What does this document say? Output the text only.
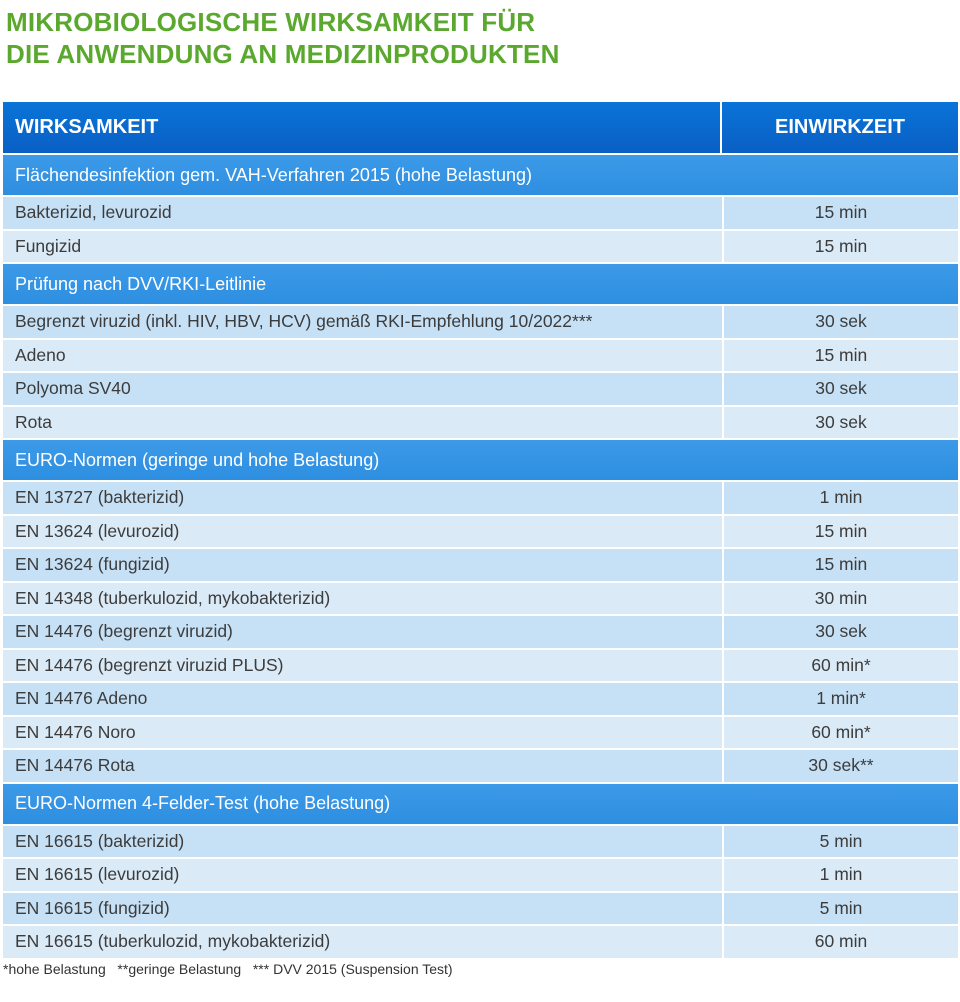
MIKROBIOLOGISCHE WIRKSAMKEIT FÜR
DIE ANWENDUNG AN MEDIZINPRODUKTEN
WIRKSAMKEIT	EINWIRKZEIT
Flächendesinfektion gem. VAH-Verfahren 2015 (hohe Belastung)
Bakterizid, levurozid	15 min
Fungizid	15 min
Prüfung nach DVV/RKI-Leitlinie
Begrenzt viruzid (inkl. HIV, HBV, HCV) gemäß RKI-Empfehlung 10/2022***	30 sek
Adeno	15 min
Polyoma SV40	30 sek
Rota	30 sek
EURO-Normen (geringe und hohe Belastung)
EN 13727 (bakterizid)	1 min
EN 13624 (levurozid)	15 min
EN 13624 (fungizid)	15 min
EN 14348 (tuberkulozid, mykobakterizid)	30 min
EN 14476 (begrenzt viruzid)	30 sek
EN 14476 (begrenzt viruzid PLUS)	60 min*
EN 14476 Adeno	1 min*
EN 14476 Noro	60 min*
EN 14476 Rota	30 sek**
EURO-Normen 4-Felder-Test (hohe Belastung)
EN 16615 (bakterizid)	5 min
EN 16615 (levurozid)	1 min
EN 16615 (fungizid)	5 min
EN 16615 (tuberkulozid, mykobakterizid)	60 min
*hohe Belastung   **geringe Belastung   *** DVV 2015 (Suspension Test)
